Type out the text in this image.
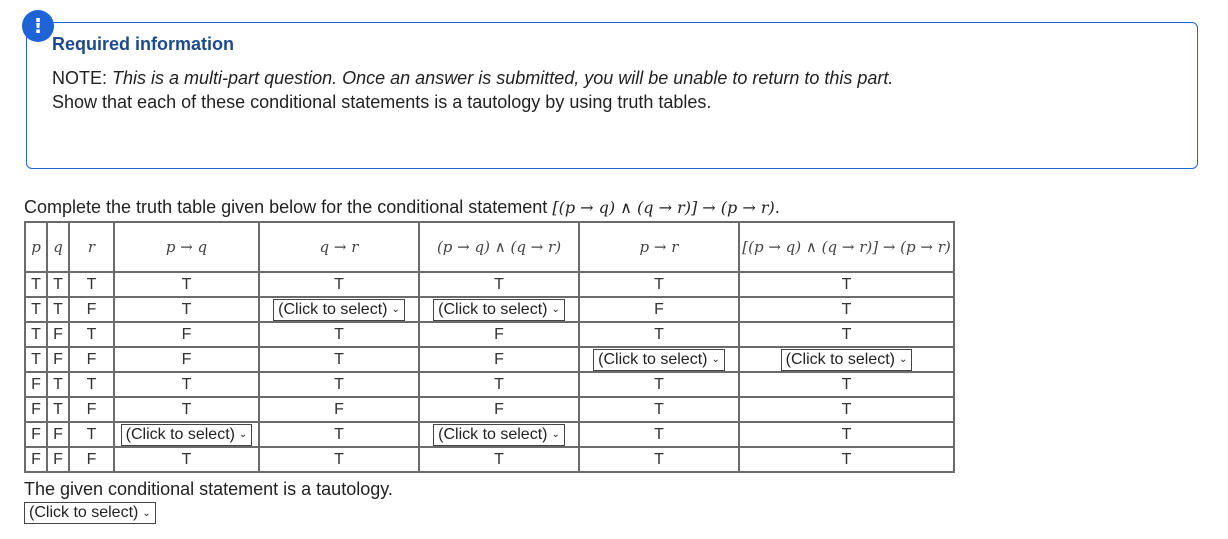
!
Required information
NOTE: This is a multi-part question. Once an answer is submitted, you will be unable to return to this part.
Show that each of these conditional statements is a tautology by using truth tables.
Complete the truth table given below for the conditional statement [(p → q) ∧ (q → r)] → (p → r).
p	q	r	p → q	q → r	(p → q) ∧ (q → r)	p → r	[(p → q) ∧ (q → r)] → (p → r)
T	T	T	T	T	T	T	T
T	T	F	T	(Click to select) ⌄	(Click to select) ⌄	F	T
T	F	T	F	T	F	T	T
T	F	F	F	T	F	(Click to select) ⌄	(Click to select) ⌄

F	T	T	T	T	T	T	T
F	T	F	T	F	F	T	T
F	F	T	(Click to select) ⌄	T	(Click to select) ⌄	T	T
F	F	F	T	T	T	T	T
The given conditional statement is a tautology.
(Click to select) ⌄
